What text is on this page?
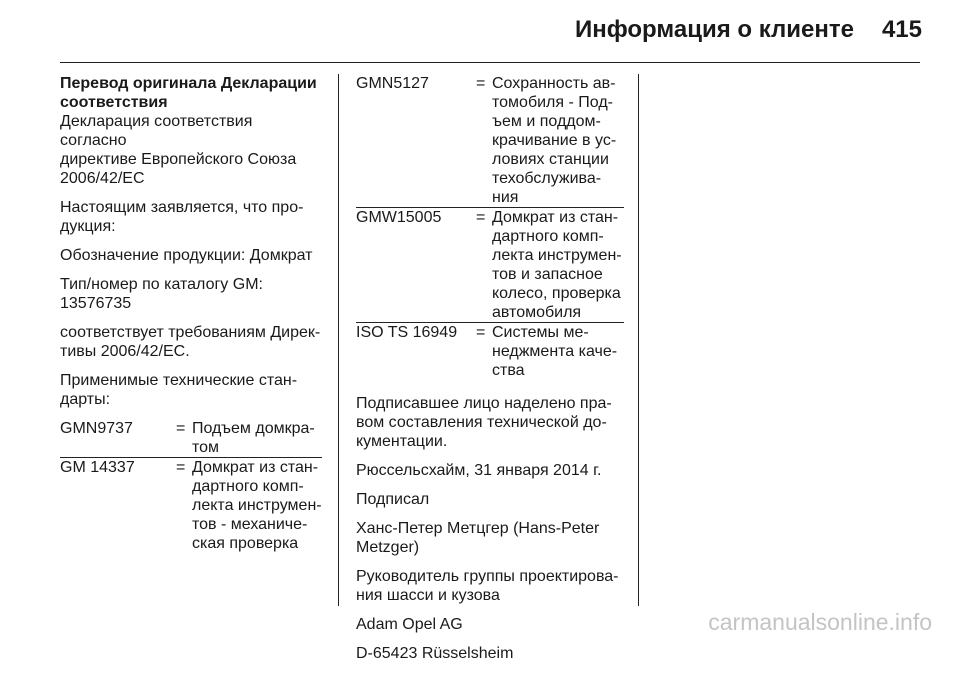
Информация о клиенте 415

Перевод оригинала Декларации
соответствия

Декларация соответствия согласно
директиве Европейского Союза
2006/42/EC

Настоящим заявляется, что про-
дукция:

Обозначение продукции: Домкрат

Тип/номер по каталогу GM:
13576735

соответствует требованиям Дирек-
тивы 2006/42/EC.

Применимые технические стан-
дарты:

GMN9737	= Подъем домкра-
том
GM 14337	= Домкрат из стан-
дартного комп-
лекта инструмен-
тов - механиче-
ская проверка
GMN5127	= Сохранность ав-
томобиля - Под-
ъем и поддом-
крачивание в ус-
ловиях станции
техобслужива-
ния
GMW15005	= Домкрат из стан-
дартного комп-
лекта инструмен-
тов и запасное
колесо, проверка
автомобиля
ISO TS 16949	= Системы ме-
неджмента каче-
ства

Подписавшее лицо наделено пра-
вом составления технической до-
кументации.

Рюссельсхайм, 31 января 2014 г.

Подписал

Ханс-Петер Метцгер (Hans-Peter
Metzger)

Руководитель группы проектирова-
ния шасси и кузова

Adam Opel AG

D-65423 Rüsselsheim

carmanualsonline.info
